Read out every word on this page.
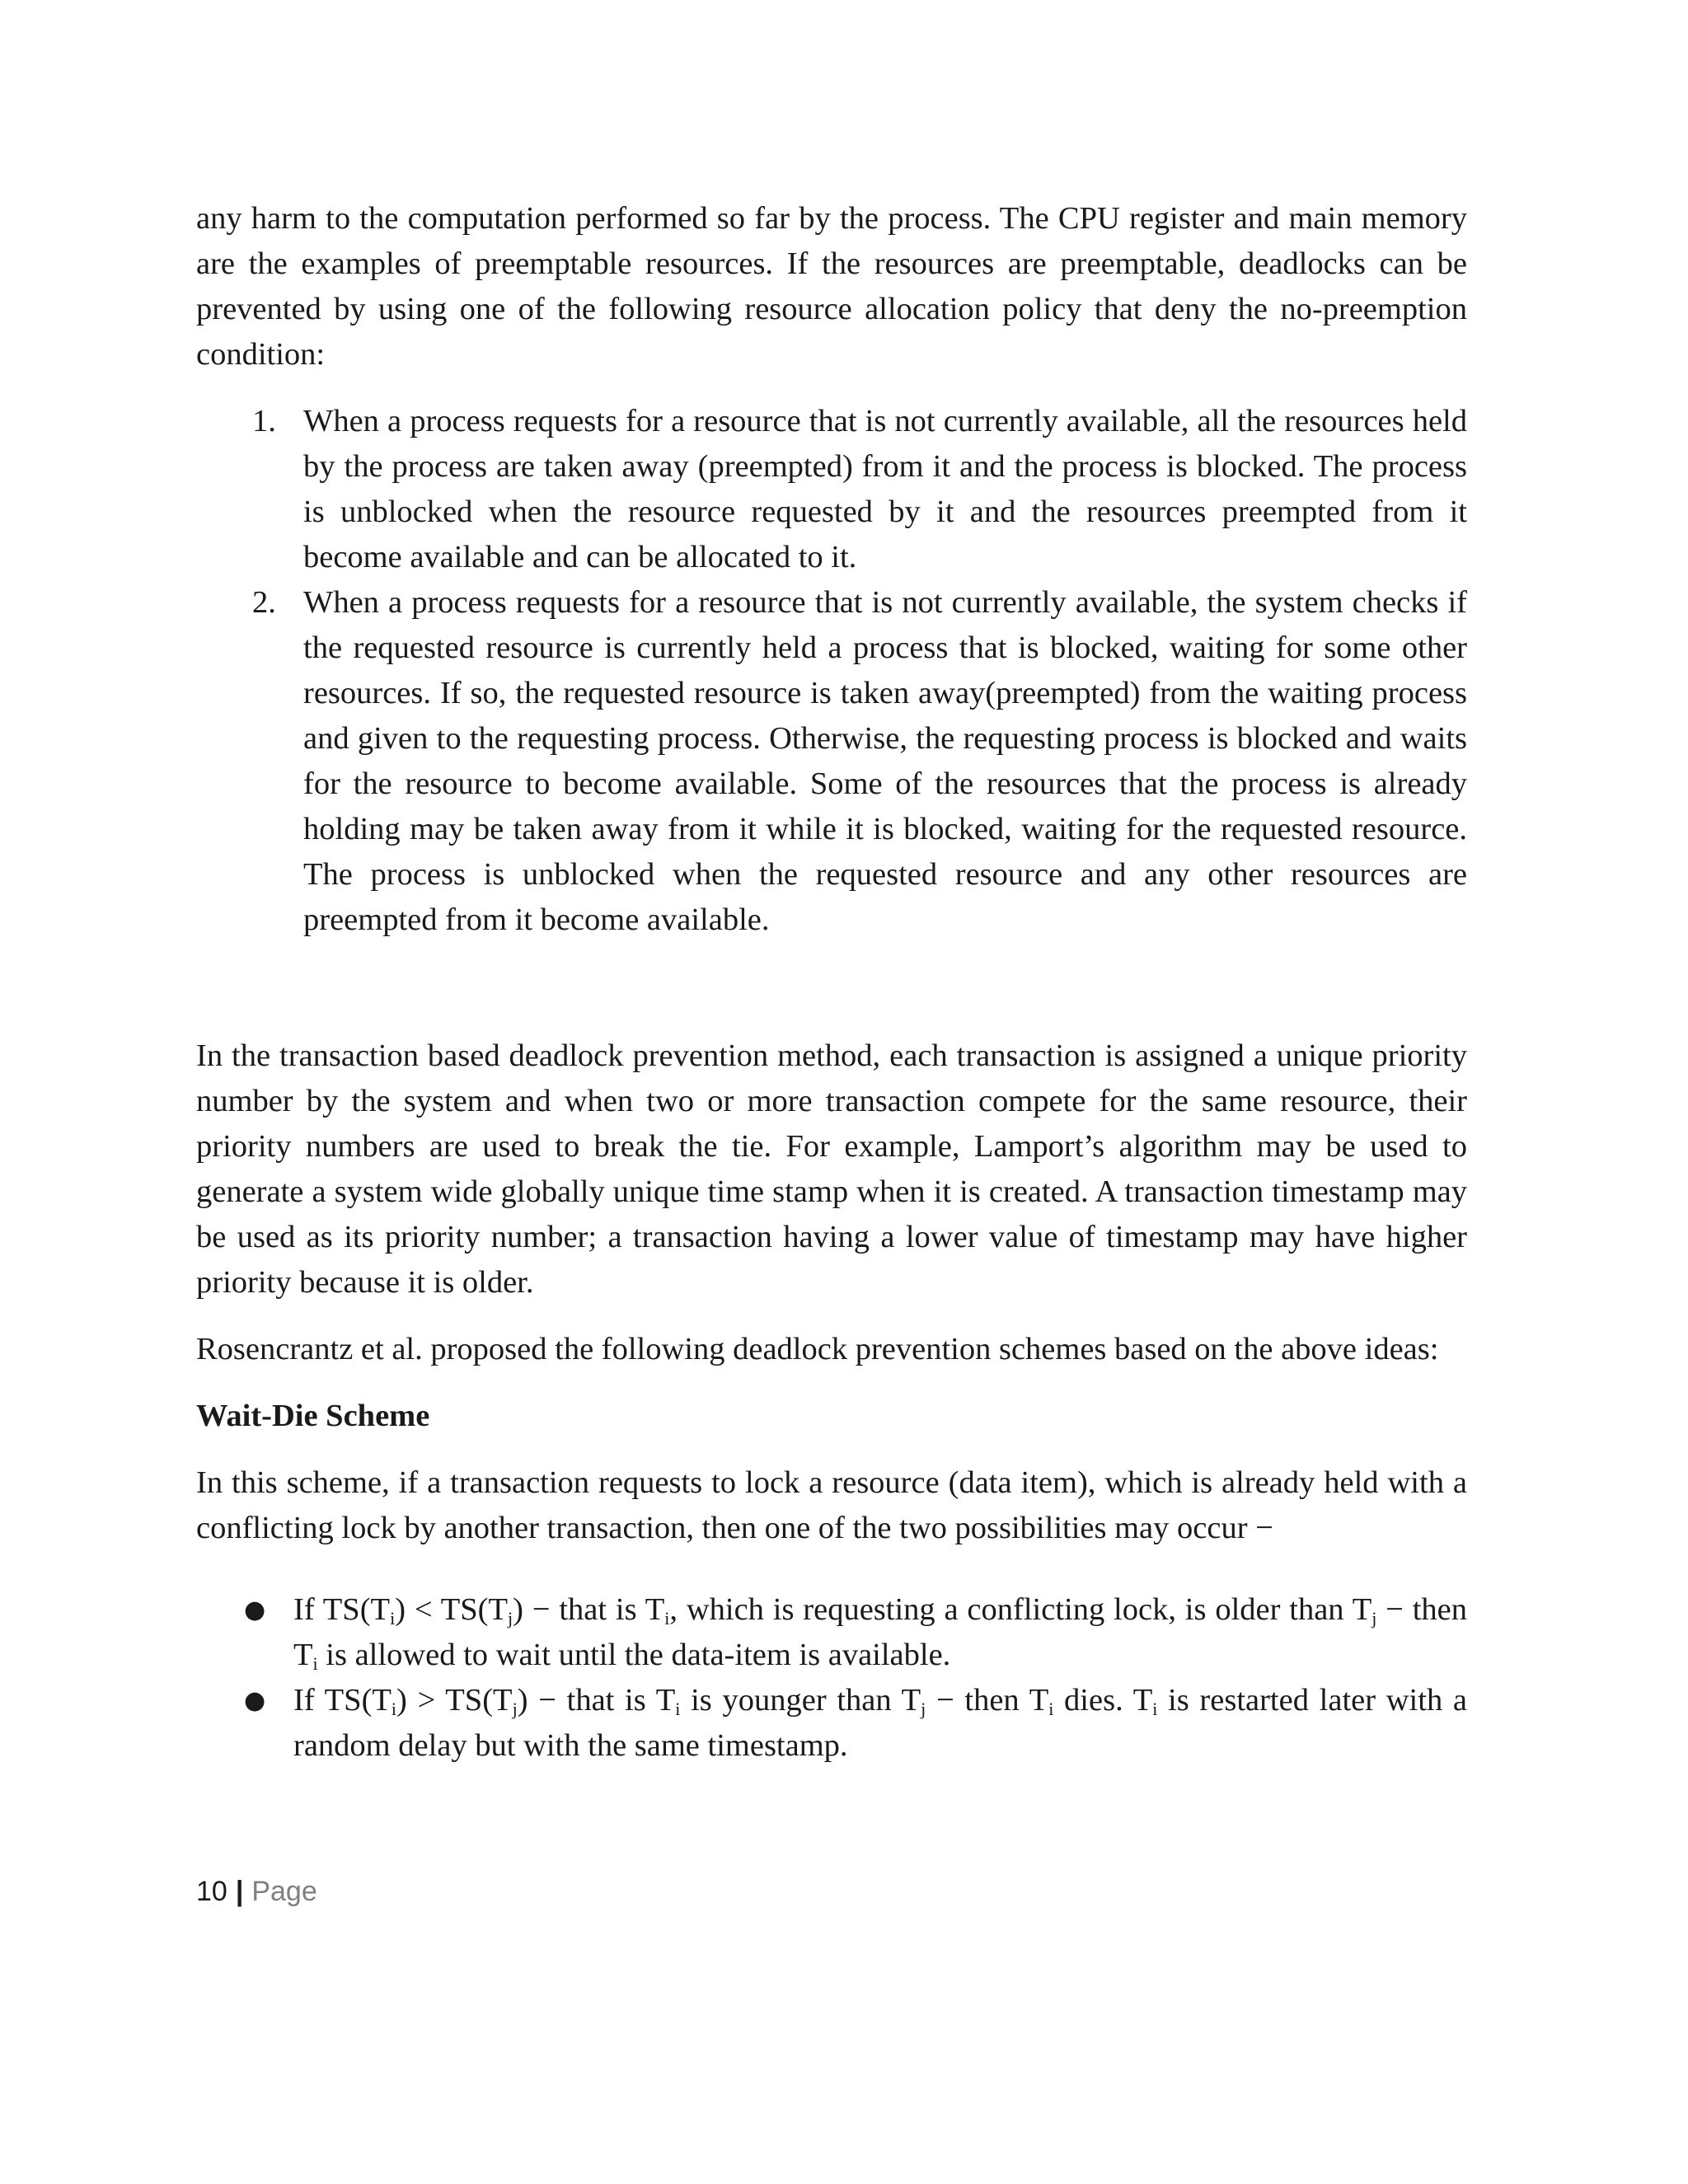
any harm to the computation performed so far by the process. The CPU register and main memory are the examples of preemptable resources. If the resources are preemptable, deadlocks can be prevented by using one of the following resource allocation policy that deny the no-preemption condition:

1. When a process requests for a resource that is not currently available, all the resources held by the process are taken away (preempted) from it and the process is blocked. The process is unblocked when the resource requested by it and the resources preempted from it become available and can be allocated to it.
2. When a process requests for a resource that is not currently available, the system checks if the requested resource is currently held a process that is blocked, waiting for some other resources. If so, the requested resource is taken away(preempted) from the waiting process and given to the requesting process. Otherwise, the requesting process is blocked and waits for the resource to become available. Some of the resources that the process is already holding may be taken away from it while it is blocked, waiting for the requested resource. The process is unblocked when the requested resource and any other resources are preempted from it become available.

In the transaction based deadlock prevention method, each transaction is assigned a unique priority number by the system and when two or more transaction compete for the same resource, their priority numbers are used to break the tie. For example, Lamport’s algorithm may be used to generate a system wide globally unique time stamp when it is created. A transaction timestamp may be used as its priority number; a transaction having a lower value of timestamp may have higher priority because it is older.

Rosencrantz et al. proposed the following deadlock prevention schemes based on the above ideas:

Wait-Die Scheme

In this scheme, if a transaction requests to lock a resource (data item), which is already held with a conflicting lock by another transaction, then one of the two possibilities may occur −

● If $TS(T_i) < TS(T_j)$ − that is $T_i$, which is requesting a conflicting lock, is older than $T_j$ − then $T_i$ is allowed to wait until the data-item is available.
● If $TS(T_i) > TS(T_j)$ − that is $T_i$ is younger than $T_j$ − then $T_i$ dies. $T_i$ is restarted later with a random delay but with the same timestamp.
10 | Page
